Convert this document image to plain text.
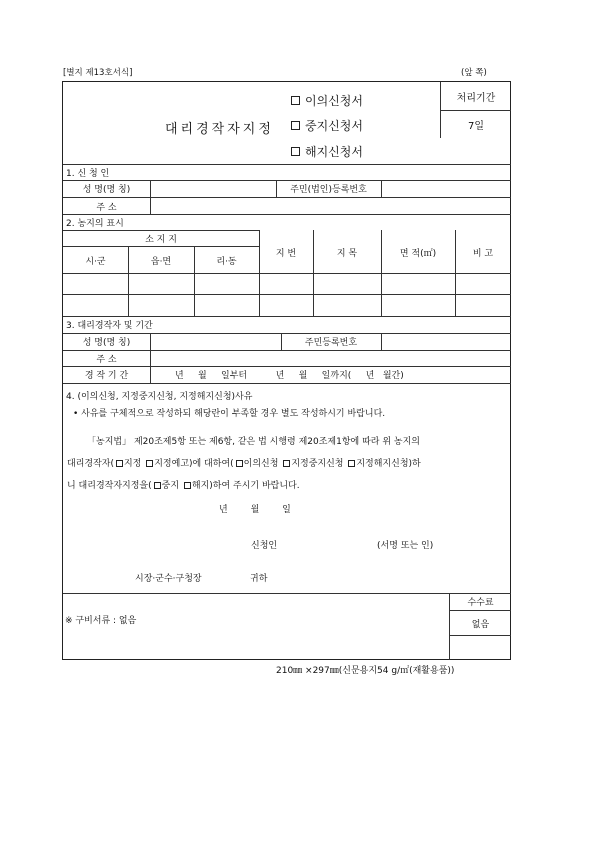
[별지 제13호서식]	(앞 쪽)
대리경작자지정
이의신청서
중지신청서
해지신청서
처리기간
7일
1. 신 청 인
성 명(명 칭)	주민(법인)등록번호
주 소
2. 농지의 표시
소 지 지
시·군	읍·면	리·동
지 번	지 목	면 적(㎡)	비 고
3. 대리경작자 및 기간
성 명(명 칭)	주민등록번호
주 소
경 작 기 간	년     월     일부터          년     월     일까지(     년   월간)
4. (이의신청, 지정중지신청, 지정해지신청)사유
• 사유를 구체적으로 작성하되 해당란이 부족할 경우 별도 작성하시기 바랍니다.
「농지법」 제20조제5항 또는 제6항, 같은 법 시행령 제20조제1항에 따라 위 농지의
대리경작자( 지정 지정예고)에 대하여( 이의신청 지정중지신청 지정해지신청)하
니 대리경작자지정을( 중지 해지)하여 주시기 바랍니다.
년        월        일
신청인	(서명 또는 인)
시장·군수·구청장	귀하
※ 구비서류 : 없음
수수료
없음
210㎜ ×297㎜(신문용지54 g/㎡(재활용품))
